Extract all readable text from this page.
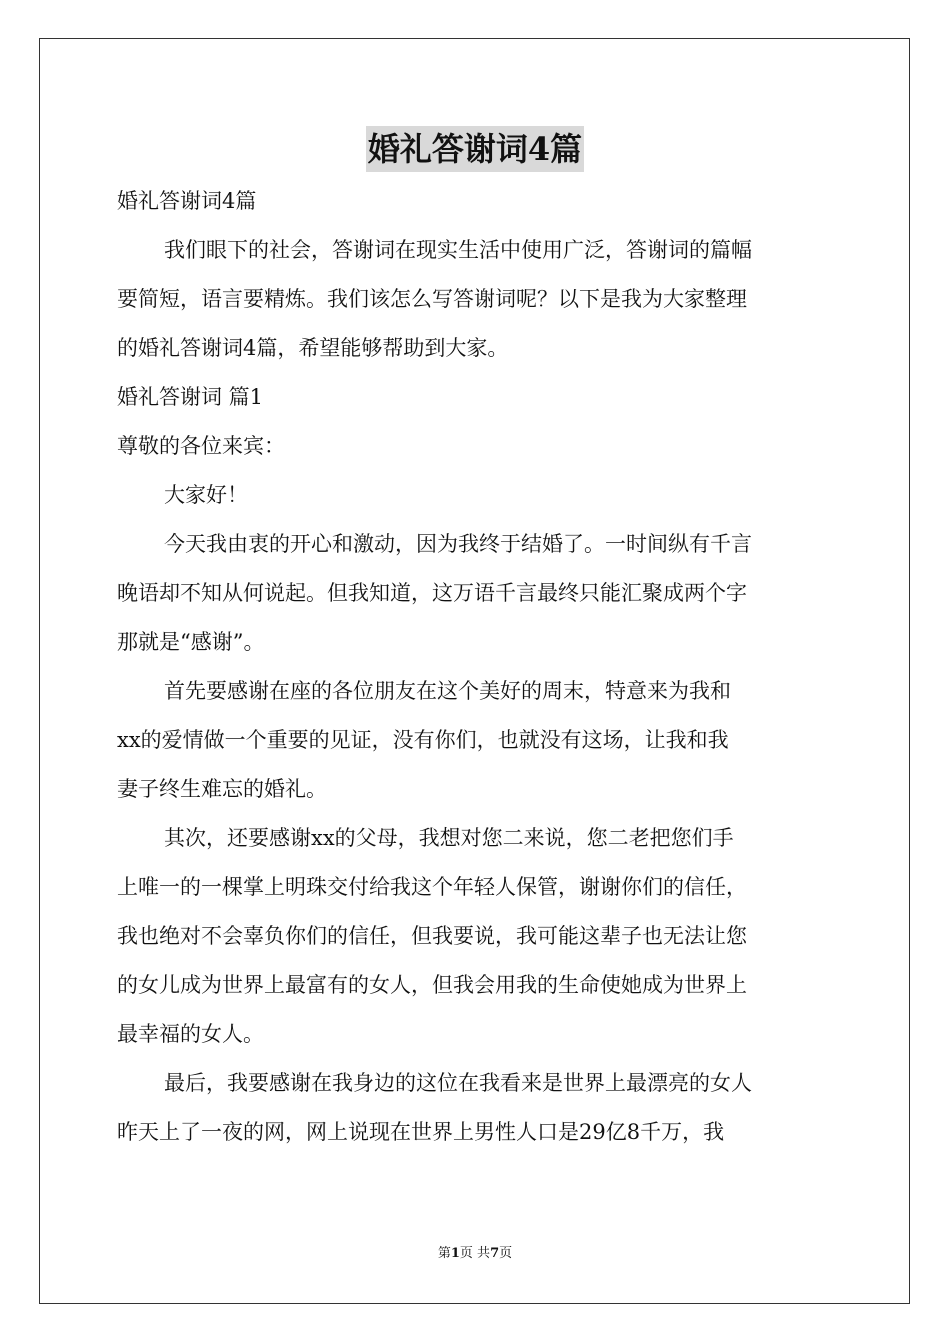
婚礼答谢词4篇
婚礼答谢词4篇
我们眼下的社会，答谢词在现实生活中使用广泛，答谢词的篇幅
要简短，语言要精炼。我们该怎么写答谢词呢？以下是我为大家整理
的婚礼答谢词4篇，希望能够帮助到大家。
婚礼答谢词 篇1
尊敬的各位来宾：
大家好！
今天我由衷的开心和激动，因为我终于结婚了。一时间纵有千言
晚语却不知从何说起。但我知道，这万语千言最终只能汇聚成两个字
那就是“感谢”。
首先要感谢在座的各位朋友在这个美好的周末，特意来为我和
xx的爱情做一个重要的见证，没有你们，也就没有这场，让我和我
妻子终生难忘的婚礼。
其次，还要感谢xx的父母，我想对您二来说，您二老把您们手
上唯一的一棵掌上明珠交付给我这个年轻人保管，谢谢你们的信任，
我也绝对不会辜负你们的信任，但我要说，我可能这辈子也无法让您
的女儿成为世界上最富有的女人，但我会用我的生命使她成为世界上
最幸福的女人。
最后，我要感谢在我身边的这位在我看来是世界上最漂亮的女人
昨天上了一夜的网，网上说现在世界上男性人口是29亿8千万，我
第1页 共7页
